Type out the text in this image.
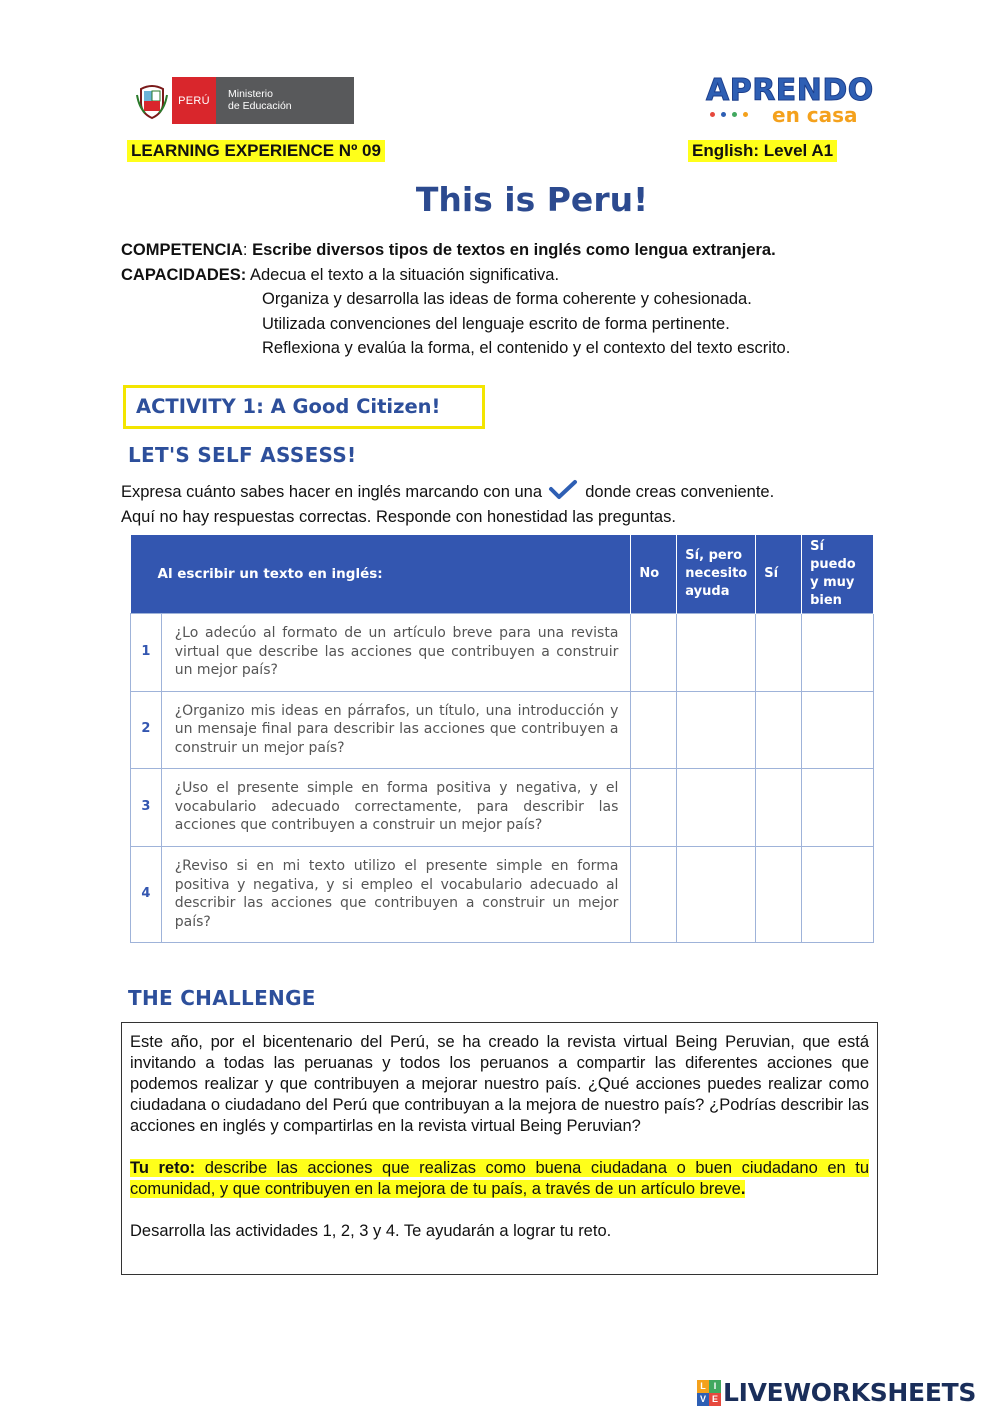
PERÚ
Ministerio
de Educación	APRENDO
en casa
LEARNING EXPERIENCE Nº 09	English: Level A1
This is Peru!
COMPETENCIA: Escribe diversos tipos de textos en inglés como lengua extranjera.
CAPACIDADES: Adecua el texto a la situación significativa.
Organiza y desarrolla las ideas de forma coherente y cohesionada.
Utilizada convenciones del lenguaje escrito de forma pertinente.
Reflexiona y evalúa la forma, el contenido y el contexto del texto escrito.
ACTIVITY 1: A Good Citizen!
LET'S SELF ASSESS!
Expresa cuánto sabes hacer en inglés marcando con una	donde creas conveniente.
Aquí no hay respuestas correctas. Responde con honestidad las preguntas.
Al escribir un texto en inglés:		No	Sí, pero necesito ayuda	Sí	Sí puedo y muy bien
1	¿Lo adecúo al formato de un artículo breve para una revista virtual que describe las acciones que contribuyen a construir un mejor país?				
2	¿Organizo mis ideas en párrafos, un título, una introducción y un mensaje final para describir las acciones que contribuyen a construir un mejor país?				
3	¿Uso el presente simple en forma positiva y negativa, y el vocabulario adecuado correctamente, para describir las acciones que contribuyen a construir un mejor país?				
4	¿Reviso si en mi texto utilizo el presente simple en forma positiva y negativa, y si empleo el vocabulario adecuado al describir las acciones que contribuyen a construir un mejor país?				
THE CHALLENGE

Este año, por el bicentenario del Perú, se ha creado la revista virtual Being Peruvian, que está invitando a todas las peruanas y todos los peruanos a compartir las diferentes acciones que podemos realizar y que contribuyen a mejorar nuestro país. ¿Qué acciones puedes realizar como ciudadana o ciudadano del Perú que contribuyan a la mejora de nuestro país? ¿Podrías describir las acciones en inglés y compartirlas en la revista virtual Being Peruvian?

Tu reto: describe las acciones que realizas como buena ciudadana o buen ciudadano en tu comunidad, y que contribuyen en la mejora de tu país, a través de un artículo breve.

Desarrolla las actividades 1, 2, 3 y 4. Te ayudarán a lograr tu reto.

L I
V E LIVEWORKSHEETS
